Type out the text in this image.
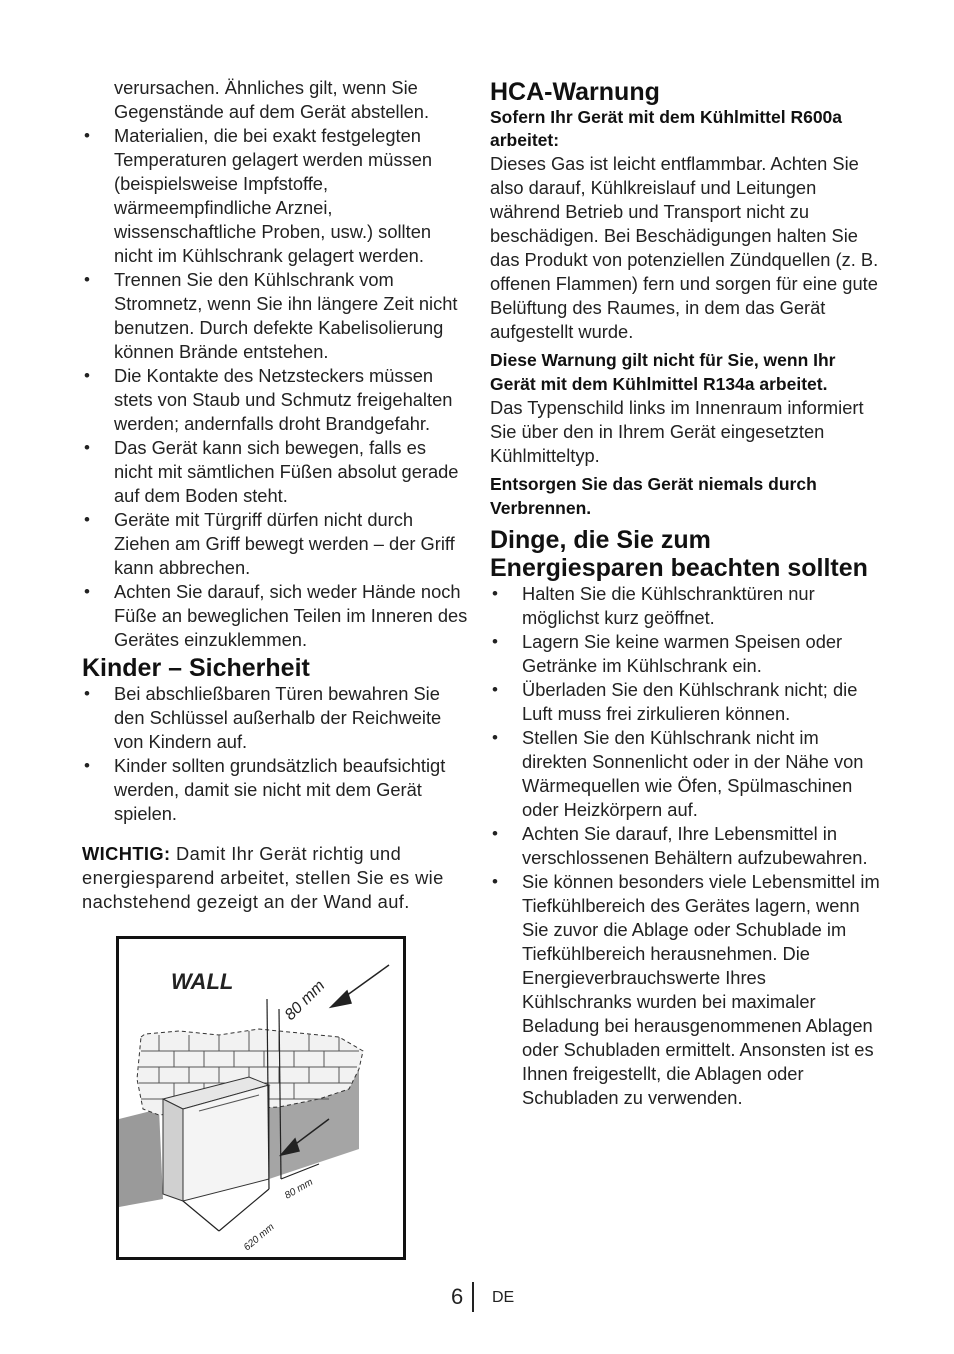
verursachen. Ähnliches gilt, wenn Sie Gegenstände auf dem Gerät abstellen.

• Materialien, die bei exakt festgelegten Temperaturen gelagert werden müssen (beispielsweise Impfstoffe, wärmeempfindliche Arznei, wissenschaftliche Proben, usw.) sollten nicht im Kühlschrank gelagert werden.
• Trennen Sie den Kühlschrank vom Stromnetz, wenn Sie ihn längere Zeit nicht benutzen. Durch defekte Kabelisolierung können Brände entstehen.
• Die Kontakte des Netzsteckers müssen stets von Staub und Schmutz freigehalten werden; andernfalls droht Brandgefahr.
• Das Gerät kann sich bewegen, falls es nicht mit sämtlichen Füßen absolut gerade auf dem Boden steht.
• Geräte mit Türgriff dürfen nicht durch Ziehen am Griff bewegt werden – der Griff kann abbrechen.
• Achten Sie darauf, sich weder Hände noch Füße an beweglichen Teilen im Inneren des Gerätes einzuklemmen.
Kinder – Sicherheit
• Bei abschließbaren Türen bewahren Sie den Schlüssel außerhalb der Reichweite von Kindern auf.
• Kinder sollten grundsätzlich beaufsichtigt werden, damit sie nicht mit dem Gerät spielen.

WICHTIG: Damit Ihr Gerät richtig und energiesparend arbeitet, stellen Sie es wie nachstehend gezeigt an der Wand auf.

WALL	80 mm
80 mm
620 mm
HCA-Warnung

Sofern Ihr Gerät mit dem Kühlmittel R600a arbeitet:

Dieses Gas ist leicht entflammbar. Achten Sie also darauf, Kühlkreislauf und Leitungen während Betrieb und Transport nicht zu beschädigen. Bei Beschädigungen halten Sie das Produkt von potenziellen Zündquellen (z. B. offenen Flammen) fern und sorgen für eine gute Belüftung des Raumes, in dem das Gerät aufgestellt wurde.

Diese Warnung gilt nicht für Sie, wenn Ihr Gerät mit dem Kühlmittel R134a arbeitet.

Das Typenschild links im Innenraum informiert Sie über den in Ihrem Gerät eingesetzten Kühlmitteltyp.

Entsorgen Sie das Gerät niemals durch Verbrennen.

Dinge, die Sie zum Energiesparen beachten sollten
• Halten Sie die Kühlschranktüren nur möglichst kurz geöffnet.
• Lagern Sie keine warmen Speisen oder Getränke im Kühlschrank ein.
• Überladen Sie den Kühlschrank nicht; die Luft muss frei zirkulieren können.
• Stellen Sie den Kühlschrank nicht im direkten Sonnenlicht oder in der Nähe von Wärmequellen wie Öfen, Spülmaschinen oder Heizkörpern auf.
• Achten Sie darauf, Ihre Lebensmittel in verschlossenen Behältern aufzubewahren.
• Sie können besonders viele Lebensmittel im Tiefkühlbereich des Gerätes lagern, wenn Sie zuvor die Ablage oder Schublade im Tiefkühlbereich herausnehmen. Die Energieverbrauchswerte Ihres Kühlschranks wurden bei maximaler Beladung bei herausgenommenen Ablagen oder Schubladen ermittelt. Ansonsten ist es Ihnen freigestellt, die Ablagen oder Schubladen zu verwenden.
6 DE
